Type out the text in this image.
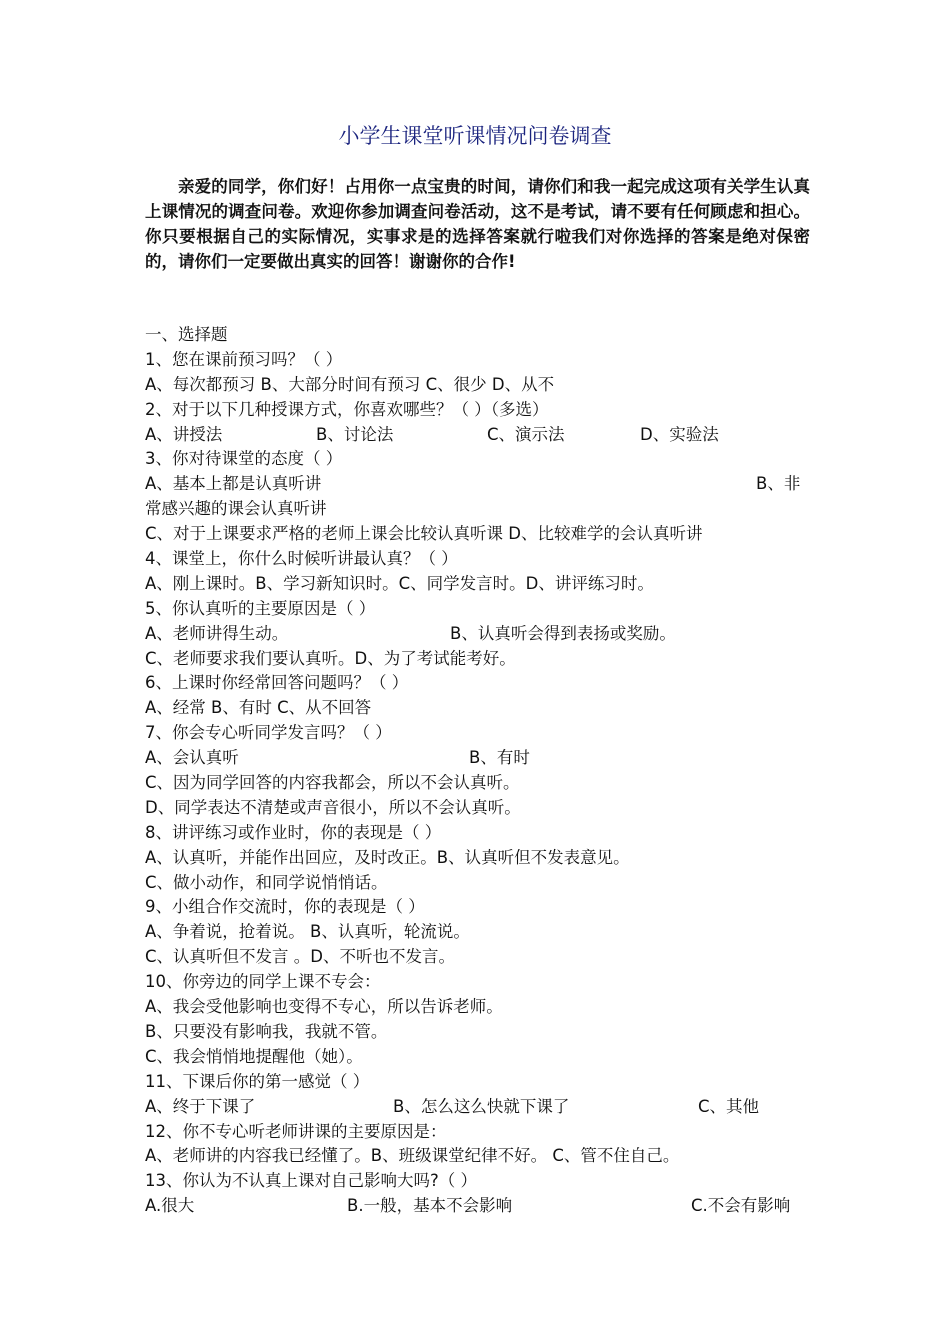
小学生课堂听课情况问卷调查
亲爱的同学，你们好！占用你一点宝贵的时间，请你们和我一起完成这项有关学生认真上课情况的调查问卷。欢迎你参加调查问卷活动，这不是考试，请不要有任何顾虑和担心。你只要根据自己的实际情况，实事求是的选择答案就行啦我们对你选择的答案是绝对保密的，请你们一定要做出真实的回答！谢谢你的合作!
一、选择题
1、您在课前预习吗？（ ）
A、每次都预习 B、大部分时间有预习 C、很少 D、从不
2、对于以下几种授课方式，你喜欢哪些？（ ）（多选）
A、讲授法	B、讨论法	C、演示法	D、实验法
3、你对待课堂的态度（ ）
A、基本上都是认真听讲	B、非
常感兴趣的课会认真听讲
C、对于上课要求严格的老师上课会比较认真听课 D、比较难学的会认真听讲
4、课堂上，你什么时候听讲最认真？（ ）
A、刚上课时。B、学习新知识时。C、同学发言时。D、讲评练习时。
5、你认真听的主要原因是（ ）
A、老师讲得生动。	B、认真听会得到表扬或奖励。
C、老师要求我们要认真听。D、为了考试能考好。
6、上课时你经常回答问题吗？（ ）
A、经常 B、有时 C、从不回答
7、你会专心听同学发言吗？（ ）
A、会认真听	B、有时
C、因为同学回答的内容我都会，所以不会认真听。
D、同学表达不清楚或声音很小，所以不会认真听。
8、讲评练习或作业时，你的表现是（ ）
A、认真听，并能作出回应，及时改正。B、认真听但不发表意见。
C、做小动作，和同学说悄悄话。
9、小组合作交流时，你的表现是（ ）
A、争着说，抢着说。 B、认真听，轮流说。
C、认真听但不发言 。D、不听也不发言。
10、你旁边的同学上课不专会：
A、我会受他影响也变得不专心，所以告诉老师。
B、只要没有影响我，我就不管。
C、我会悄悄地提醒他（她）。
11、下课后你的第一感觉（ ）
A、终于下课了	B、怎么这么快就下课了	C、其他
12、你不专心听老师讲课的主要原因是：
A、老师讲的内容我已经懂了。B、班级课堂纪律不好。 C、管不住自己。
13、你认为不认真上课对自己影响大吗?（ ）
A.很大	B.一般，基本不会影响	C.不会有影响
